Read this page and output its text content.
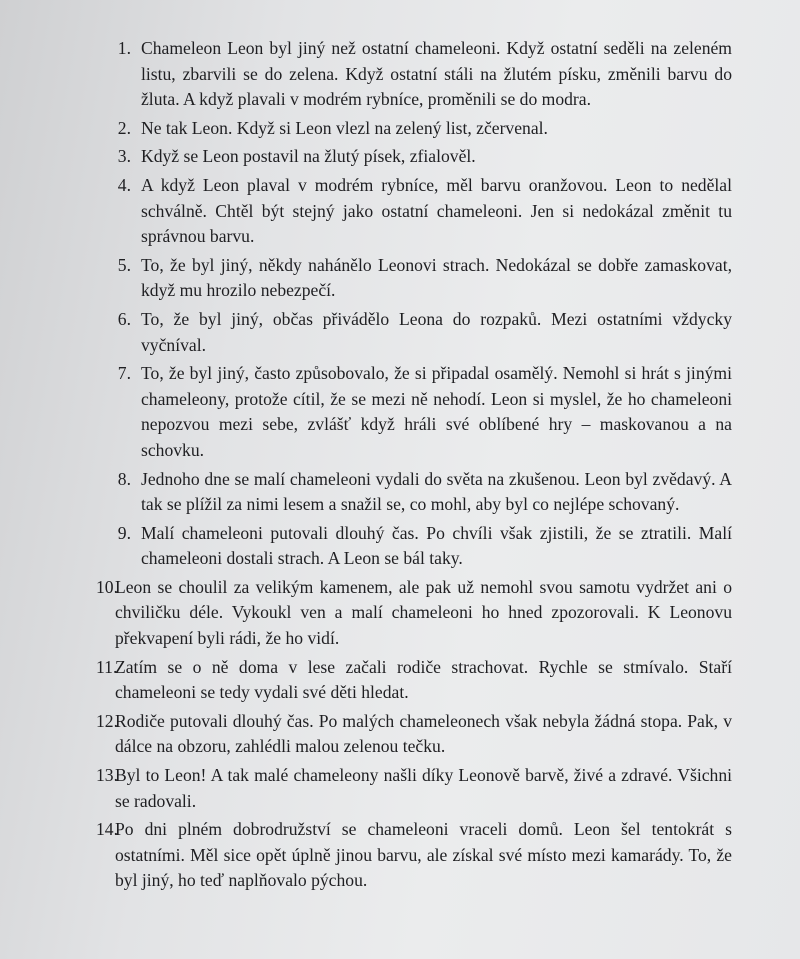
1. Chameleon Leon byl jiný než ostatní chameleoni. Když ostatní seděli na zeleném listu, zbarvili se do zelena. Když ostatní stáli na žlutém písku, změnili barvu do žluta. A když plavali v modrém rybníce, proměnili se do modra.
2. Ne tak Leon. Když si Leon vlezl na zelený list, zčervenal.
3. Když se Leon postavil na žlutý písek, zfialověl.
4. A když Leon plaval v modrém rybníce, měl barvu oranžovou. Leon to nedělal schválně. Chtěl být stejný jako ostatní chameleoni. Jen si nedokázal změnit tu správnou barvu.
5. To, že byl jiný, někdy nahánělo Leonovi strach. Nedokázal se dobře zamaskovat, když mu hrozilo nebezpečí.
6. To, že byl jiný, občas přivádělo Leona do rozpaků. Mezi ostatními vždycky vyčníval.
7. To, že byl jiný, často způsobovalo, že si připadal osamělý. Nemohl si hrát s jinými chameleony, protože cítil, že se mezi ně nehodí. Leon si myslel, že ho chameleoni nepozvou mezi sebe, zvlášť když hráli své oblíbené hry – maskovanou a na schovku.
8. Jednoho dne se malí chameleoni vydali do světa na zkušenou. Leon byl zvědavý. A tak se plížil za nimi lesem a snažil se, co mohl, aby byl co nejlépe schovaný.
9. Malí chameleoni putovali dlouhý čas. Po chvíli však zjistili, že se ztratili. Malí chameleoni dostali strach. A Leon se bál taky.
10.
Leon se choulil za velikým kamenem, ale pak už nemohl svou samotu vydržet ani o chviličku déle. Vykoukl ven a malí chameleoni ho hned zpozorovali. K Leonovu překvapení byli rádi, že ho vidí.
11.
Zatím se o ně doma v lese začali rodiče strachovat. Rychle se stmívalo. Staří chameleoni se tedy vydali své děti hledat.
12.
Rodiče putovali dlouhý čas. Po malých chameleonech však nebyla žádná stopa. Pak, v dálce na obzoru, zahlédli malou zelenou tečku.
13.
Byl to Leon! A tak malé chameleony našli díky Leonově barvě, živé a zdravé. Všichni se radovali.
14.
Po dni plném dobrodružství se chameleoni vraceli domů. Leon šel tentokrát s ostatními. Měl sice opět úplně jinou barvu, ale získal své místo mezi kamarády. To, že byl jiný, ho teď naplňovalo pýchou.
